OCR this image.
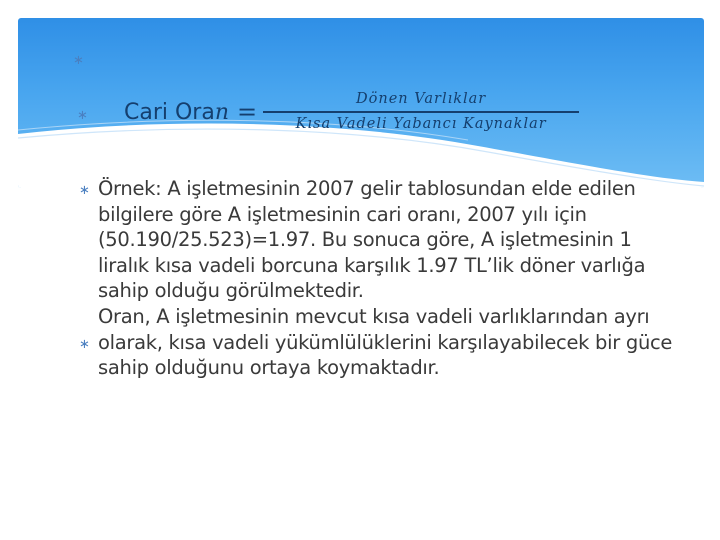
∗
∗ Cari Oran = $\frac{\text{Dönen Varlıklar}}{\text{Kısa Vadeli Yabancı Kaynaklar}}$
∗
∗

Örnek: A işletmesinin 2007 gelir tablosundan elde edilen bilgilere göre A işletmesinin cari oranı, 2007 yılı için (50.190/25.523)=1.97. Bu sonuca göre, A işletmesinin 1 liralık kısa vadeli borcuna karşılık 1.97 TL’lik döner varlığa sahip olduğu görülmektedir.

Oran, A işletmesinin mevcut kısa vadeli varlıklarından ayrı olarak, kısa vadeli yükümlülüklerini karşılayabilecek bir güce sahip olduğunu ortaya koymaktadır.
